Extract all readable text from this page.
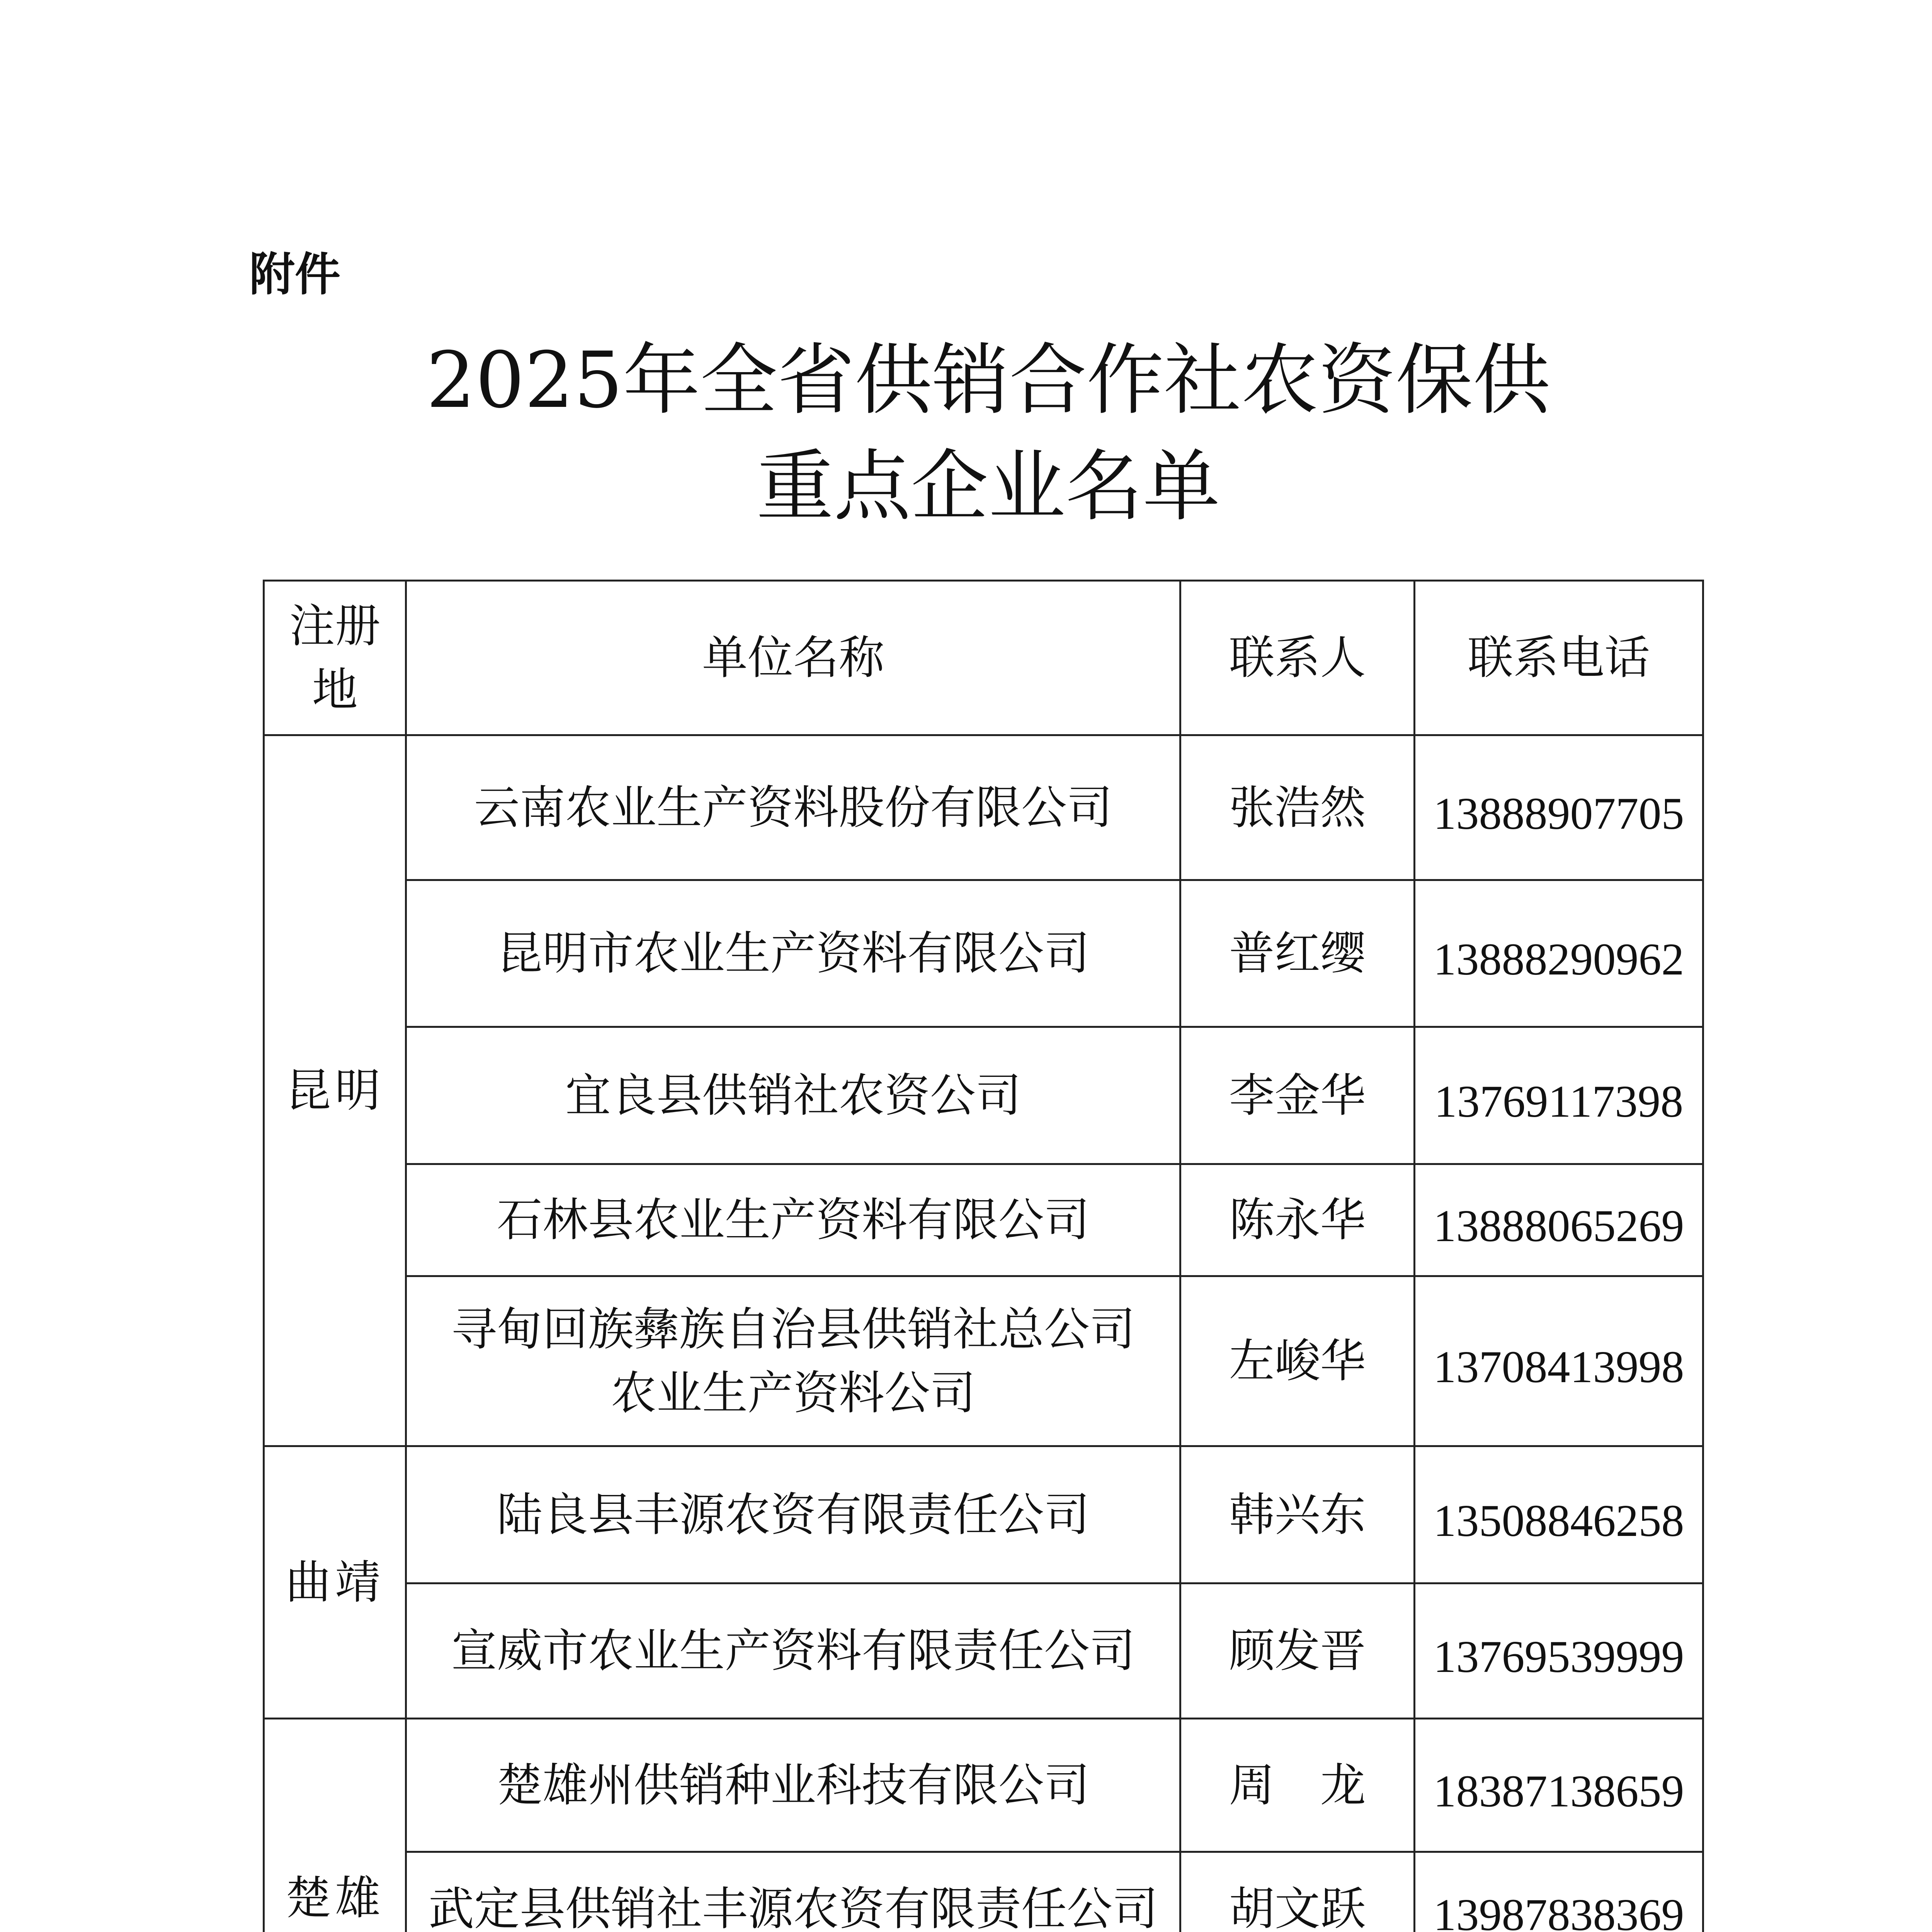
附件
2025年全省供销合作社农资保供
重点企业名单
注册地	单位名称	联系人	联系电话
昆明	云南农业生产资料股份有限公司	张浩然	13888907705
	昆明市农业生产资料有限公司	普红缨	13888290962
	宜良县供销社农资公司	李金华	13769117398
	石林县农业生产资料有限公司	陈永华	13888065269

	寻甸回族彝族自治县供销社总公司
农业生产资料公司	左峻华	13708413998
曲靖	陆良县丰源农资有限责任公司	韩兴东	13508846258
	宣威市农业生产资料有限责任公司	顾发晋	13769539999
楚雄	楚雄州供销种业科技有限公司	周　龙	18387138659
	武定县供销社丰源农资有限责任公司	胡文跃	13987838369
